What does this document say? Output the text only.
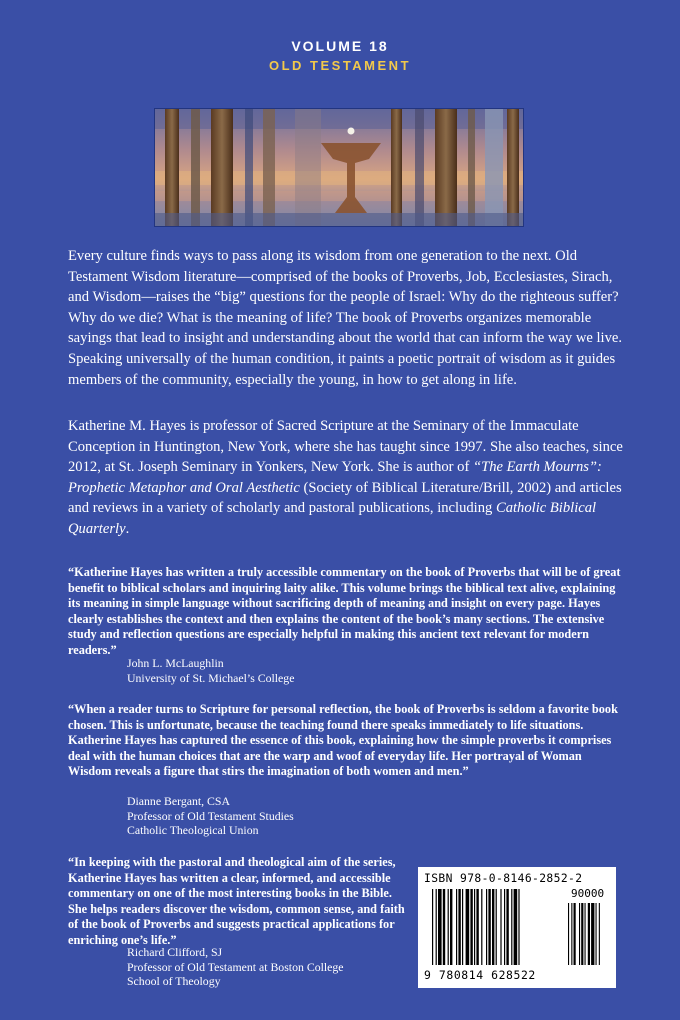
VOLUME 18
OLD TESTAMENT

Every culture finds ways to pass along its wisdom from one generation to the next. Old Testament Wisdom literature—comprised of the books of Proverbs, Job, Ecclesiastes, Sirach, and Wisdom—raises the “big” questions for the people of Israel: Why do the righteous suffer? Why do we die? What is the meaning of life? The book of Proverbs organizes memorable sayings that lead to insight and understanding about the world that can inform the way we live. Speaking universally of the human condition, it paints a poetic portrait of wisdom as it guides members of the community, especially the young, in how to get along in life.

Katherine M. Hayes is professor of Sacred Scripture at the Seminary of the Immaculate Conception in Huntington, New York, where she has taught since 1997. She also teaches, since 2012, at St. Joseph Seminary in Yonkers, New York. She is author of “The Earth Mourns”: Prophetic Metaphor and Oral Aesthetic (Society of Biblical Literature/Brill, 2002) and articles and reviews in a variety of scholarly and pastoral publications, including Catholic Biblical Quarterly.

“Katherine Hayes has written a truly accessible commentary on the book of Proverbs that will be of great benefit to biblical scholars and inquiring laity alike. This volume brings the biblical text alive, explaining its meaning in simple language without sacrificing depth of meaning and insight on every page. Hayes clearly establishes the context and then explains the content of the book’s many sections. The extensive study and reflection questions are especially helpful in making this ancient text relevant for modern readers.”

John L. McLaughlin
University of St. Michael’s College

“When a reader turns to Scripture for personal reflection, the book of Proverbs is seldom a favorite book chosen. This is unfortunate, because the teaching found there speaks immediately to life situations. Katherine Hayes has captured the essence of this book, explaining how the simple proverbs it comprises deal with the human choices that are the warp and woof of everyday life. Her portrayal of Woman Wisdom reveals a figure that stirs the imagination of both women and men.”

Dianne Bergant, CSA
Professor of Old Testament Studies
Catholic Theological Union

“In keeping with the pastoral and theological aim of the series, Katherine Hayes has written a clear, informed, and accessible commentary on one of the most interesting books in the Bible. She helps readers discover the wisdom, common sense, and faith of the book of Proverbs and suggests practical applications for enriching one’s life.”

Richard Clifford, SJ
Professor of Old Testament at Boston College
School of Theology
ISBN 978-0-8146-2852-2
90000
9 780814 628522
